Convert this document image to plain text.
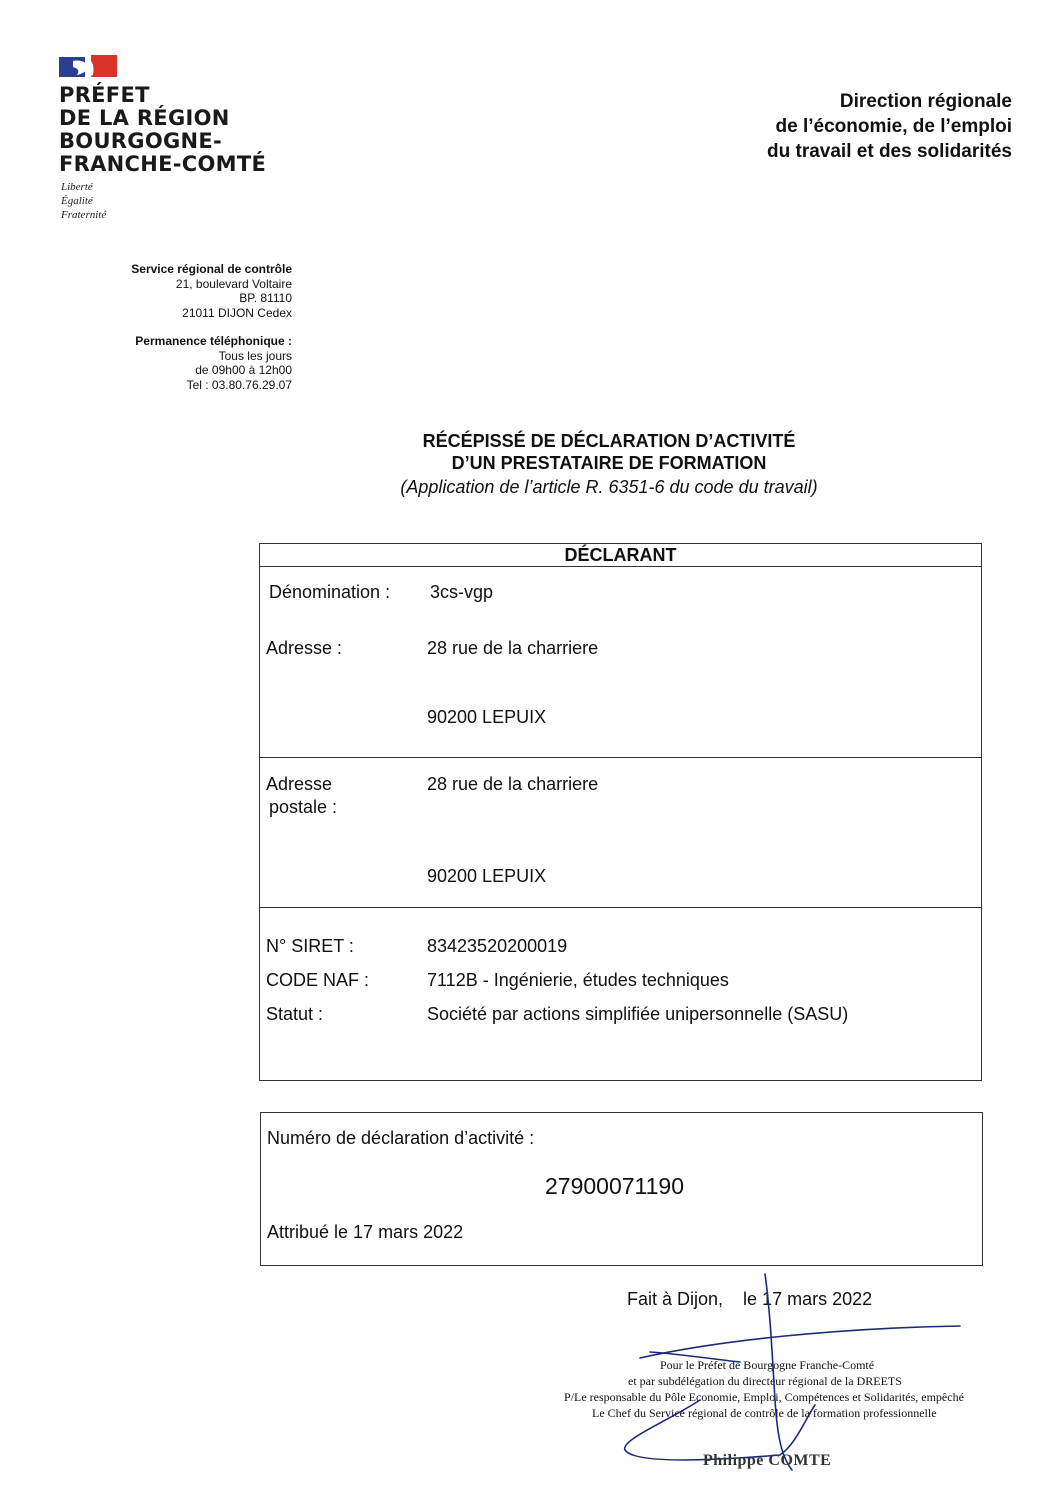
PRÉFET
DE LA RÉGION
BOURGOGNE-
FRANCHE-COMTÉ
Liberté
Égalité
Fraternité
Direction régionale
de l’économie, de l’emploi
du travail et des solidarités
Service régional de contrôle
21, boulevard Voltaire
BP. 81110
21011 DIJON Cedex
Permanence téléphonique :
Tous les jours
de 09h00 à 12h00
Tel : 03.80.76.29.07
RÉCÉPISSÉ DE DÉCLARATION D’ACTIVITÉ
D’UN PRESTATAIRE DE FORMATION
(Application de l’article R. 6351-6 du code du travail)
DÉCLARANT
Dénomination : 3cs-vgp
Adresse :	28 rue de la charriere
90200 LEPUIX
Adresse
postale :
28 rue de la charriere
90200 LEPUIX
N° SIRET :	83423520200019
CODE NAF :	7112B - Ingénierie, études techniques
Statut :	Société par actions simplifiée unipersonnelle (SASU)
Numéro de déclaration d’activité :
27900071190
Attribué le 17 mars 2022
Fait à Dijon,    le 17 mars 2022
Pour le Préfet de Bourgogne Franche-Comté
et par subdélégation du directeur régional de la DREETS
P/Le responsable du Pôle Economie, Emploi, Compétences et Solidarités, empêché
Le Chef du Service régional de contrôle de la formation professionnelle
Philippe COMTE
